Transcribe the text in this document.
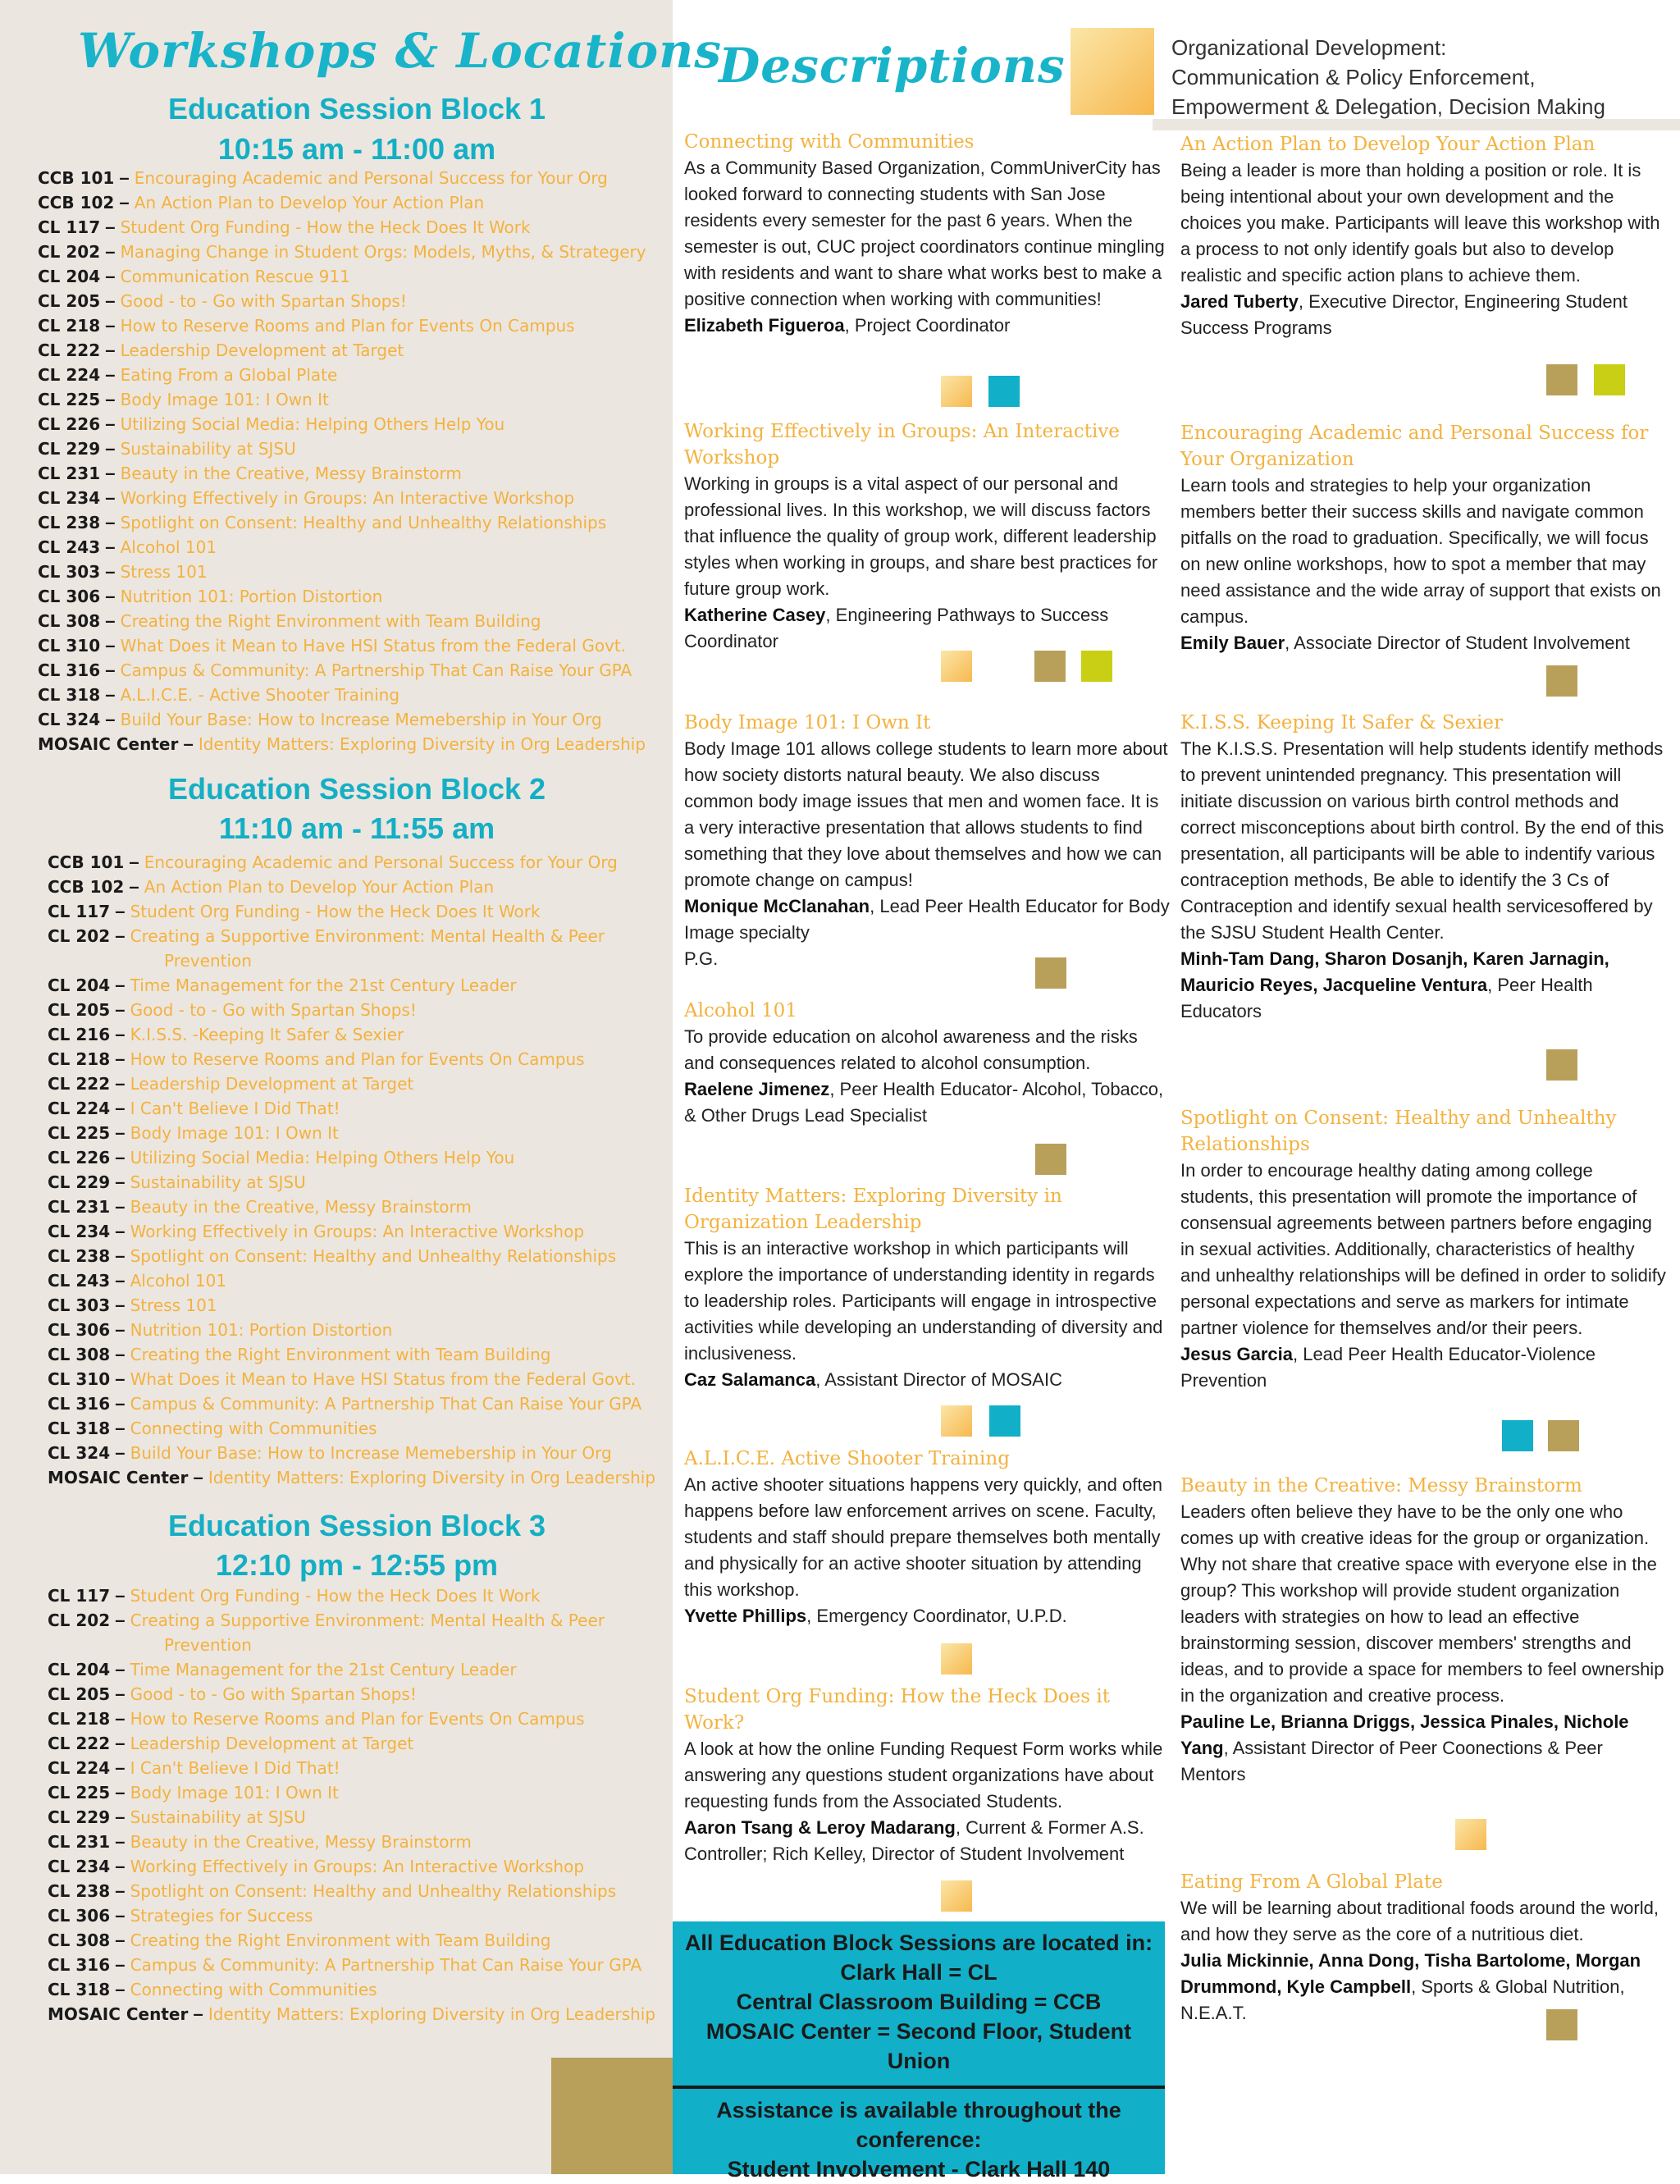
Workshops & Locations
Education Session Block 1
10:15 am - 11:00 am
CCB 101 – Encouraging Academic and Personal Success for Your Org
CCB 102 – An Action Plan to Develop Your Action Plan
CL 117 – Student Org Funding - How the Heck Does It Work
CL 202 – Managing Change in Student Orgs: Models, Myths, & Strategery
CL 204 – Communication Rescue 911
CL 205 – Good - to - Go with Spartan Shops!
CL 218 – How to Reserve Rooms and Plan for Events On Campus
CL 222 – Leadership Development at Target
CL 224 – Eating From a Global Plate
CL 225 – Body Image 101: I Own It
CL 226 – Utilizing Social Media: Helping Others Help You
CL 229 – Sustainability at SJSU
CL 231 – Beauty in the Creative, Messy Brainstorm
CL 234 – Working Effectively in Groups: An Interactive Workshop
CL 238 – Spotlight on Consent: Healthy and Unhealthy Relationships
CL 243 – Alcohol 101
CL 303 – Stress 101
CL 306 – Nutrition 101: Portion Distortion
CL 308 – Creating the Right Environment with Team Building
CL 310 – What Does it Mean to Have HSI Status from the Federal Govt.
CL 316 – Campus & Community: A Partnership That Can Raise Your GPA
CL 318 – A.L.I.C.E. - Active Shooter Training
CL 324 – Build Your Base: How to Increase Memebership in Your Org
MOSAIC Center – Identity Matters: Exploring Diversity in Org Leadership
Education Session Block 2
11:10 am - 11:55 am
CCB 101 – Encouraging Academic and Personal Success for Your Org
CCB 102 – An Action Plan to Develop Your Action Plan
CL 117 – Student Org Funding - How the Heck Does It Work
CL 202 – Creating a Supportive Environment: Mental Health & Peer
Prevention
CL 204 – Time Management for the 21st Century Leader
CL 205 – Good - to - Go with Spartan Shops!
CL 216 – K.I.S.S. -Keeping It Safer & Sexier
CL 218 – How to Reserve Rooms and Plan for Events On Campus
CL 222 – Leadership Development at Target
CL 224 – I Can't Believe I Did That!
CL 225 – Body Image 101: I Own It
CL 226 – Utilizing Social Media: Helping Others Help You
CL 229 – Sustainability at SJSU
CL 231 – Beauty in the Creative, Messy Brainstorm
CL 234 – Working Effectively in Groups: An Interactive Workshop
CL 238 – Spotlight on Consent: Healthy and Unhealthy Relationships
CL 243 – Alcohol 101
CL 303 – Stress 101
CL 306 – Nutrition 101: Portion Distortion
CL 308 – Creating the Right Environment with Team Building
CL 310 – What Does it Mean to Have HSI Status from the Federal Govt.
CL 316 – Campus & Community: A Partnership That Can Raise Your GPA
CL 318 – Connecting with Communities
CL 324 – Build Your Base: How to Increase Memebership in Your Org
MOSAIC Center – Identity Matters: Exploring Diversity in Org Leadership
Education Session Block 3
12:10 pm - 12:55 pm
CL 117 – Student Org Funding - How the Heck Does It Work
CL 202 – Creating a Supportive Environment: Mental Health & Peer
Prevention
CL 204 – Time Management for the 21st Century Leader
CL 205 – Good - to - Go with Spartan Shops!
CL 218 – How to Reserve Rooms and Plan for Events On Campus
CL 222 – Leadership Development at Target
CL 224 – I Can't Believe I Did That!
CL 225 – Body Image 101: I Own It
CL 229 – Sustainability at SJSU
CL 231 – Beauty in the Creative, Messy Brainstorm
CL 234 – Working Effectively in Groups: An Interactive Workshop
CL 238 – Spotlight on Consent: Healthy and Unhealthy Relationships
CL 306 – Strategies for Success
CL 308 – Creating the Right Environment with Team Building
CL 316 – Campus & Community: A Partnership That Can Raise Your GPA
CL 318 – Connecting with Communities
MOSAIC Center – Identity Matters: Exploring Diversity in Org Leadership
Descriptions	Organizational Development:
Communication & Policy Enforcement,
Empowerment & Delegation, Decision Making
Connecting with Communities

As a Community Based Organization, CommUniverCity has looked forward to connecting students with San Jose residents every semester for the past 6 years. When the semester is out, CUC project coordinators continue mingling with residents and want to share what works best to make a positive connection when working with communities!

Elizabeth Figueroa, Project Coordinator

Working Effectively in Groups: An Interactive Workshop

Working in groups is a vital aspect of our personal and professional lives. In this workshop, we will discuss factors that influence the quality of group work, different leadership styles when working in groups, and share best practices for future group work.

Katherine Casey, Engineering Pathways to Success Coordinator

Body Image 101: I Own It

Body Image 101 allows college students to learn more about how society distorts natural beauty. We also discuss common body image issues that men and women face. It is a very interactive presentation that allows students to find something that they love about themselves and how we can promote change on campus!

Monique McClanahan, Lead Peer Health Educator for Body Image specialty

P.G.

Alcohol 101

To provide education on alcohol awareness and the risks and consequences related to alcohol consumption.

Raelene Jimenez, Peer Health Educator- Alcohol, Tobacco, & Other Drugs Lead Specialist

Identity Matters: Exploring Diversity in Organization Leadership

This is an interactive workshop in which participants will explore the importance of understanding identity in regards to leadership roles. Participants will engage in introspective activities while developing an understanding of diversity and inclusiveness.

Caz Salamanca, Assistant Director of MOSAIC

A.L.I.C.E. Active Shooter Training

An active shooter situations happens very quickly, and often happens before law enforcement arrives on scene. Faculty, students and staff should prepare themselves both mentally and physically for an active shooter situation by attending this workshop.

Yvette Phillips, Emergency Coordinator, U.P.D.

Student Org Funding: How the Heck Does it Work?

A look at how the online Funding Request Form works while answering any questions student organizations have about requesting funds from the Associated Students.

Aaron Tsang & Leroy Madarang, Current & Former A.S. Controller; Rich Kelley, Director of Student Involvement

An Action Plan to Develop Your Action Plan

Being a leader is more than holding a position or role. It is being intentional about your own development and the choices you make. Participants will leave this workshop with a process to not only identify goals but also to develop realistic and specific action plans to achieve them.

Jared Tuberty, Executive Director, Engineering Student Success Programs

Encouraging Academic and Personal Success for Your Organization

Learn tools and strategies to help your organization members better their success skills and navigate common pitfalls on the road to graduation. Specifically, we will focus on new online workshops, how to spot a member that may need assistance and the wide array of support that exists on campus.

Emily Bauer, Associate Director of Student Involvement

K.I.S.S. Keeping It Safer & Sexier

The K.I.S.S. Presentation will help students identify methods to prevent unintended pregnancy. This presentation will initiate discussion on various birth control methods and correct misconceptions about birth control. By the end of this presentation, all participants will be able to indentify various contraception methods, Be able to identify the 3 Cs of Contraception and identify sexual health servicesoffered by the SJSU Student Health Center.

Minh-Tam Dang, Sharon Dosanjh, Karen Jarnagin, Mauricio Reyes, Jacqueline Ventura, Peer Health Educators

Spotlight on Consent: Healthy and Unhealthy Relationships

In order to encourage healthy dating among college students, this presentation will promote the importance of consensual agreements between partners before engaging in sexual activities. Additionally, characteristics of healthy and unhealthy relationships will be defined in order to solidify personal expectations and serve as markers for intimate partner violence for themselves and/or their peers.

Jesus Garcia, Lead Peer Health Educator-Violence Prevention

Beauty in the Creative: Messy Brainstorm

Leaders often believe they have to be the only one who comes up with creative ideas for the group or organization. Why not share that creative space with everyone else in the group? This workshop will provide student organization leaders with strategies on how to lead an effective brainstorming session, discover members' strengths and ideas, and to provide a space for members to feel ownership in the organization and creative process.

Pauline Le, Brianna Driggs, Jessica Pinales, Nichole Yang, Assistant Director of Peer Coonections & Peer Mentors

Eating From A Global Plate

We will be learning about traditional foods around the world, and how they serve as the core of a nutritious diet.

Julia Mickinnie, Anna Dong, Tisha Bartolome, Morgan Drummond, Kyle Campbell, Sports & Global Nutrition, N.E.A.T.

All Education Block Sessions are located in:
Clark Hall = CL
Central Classroom Building = CCB
MOSAIC Center = Second Floor, Student Union
Assistance is available throughout the conference:
Student Involvement - Clark Hall 140
